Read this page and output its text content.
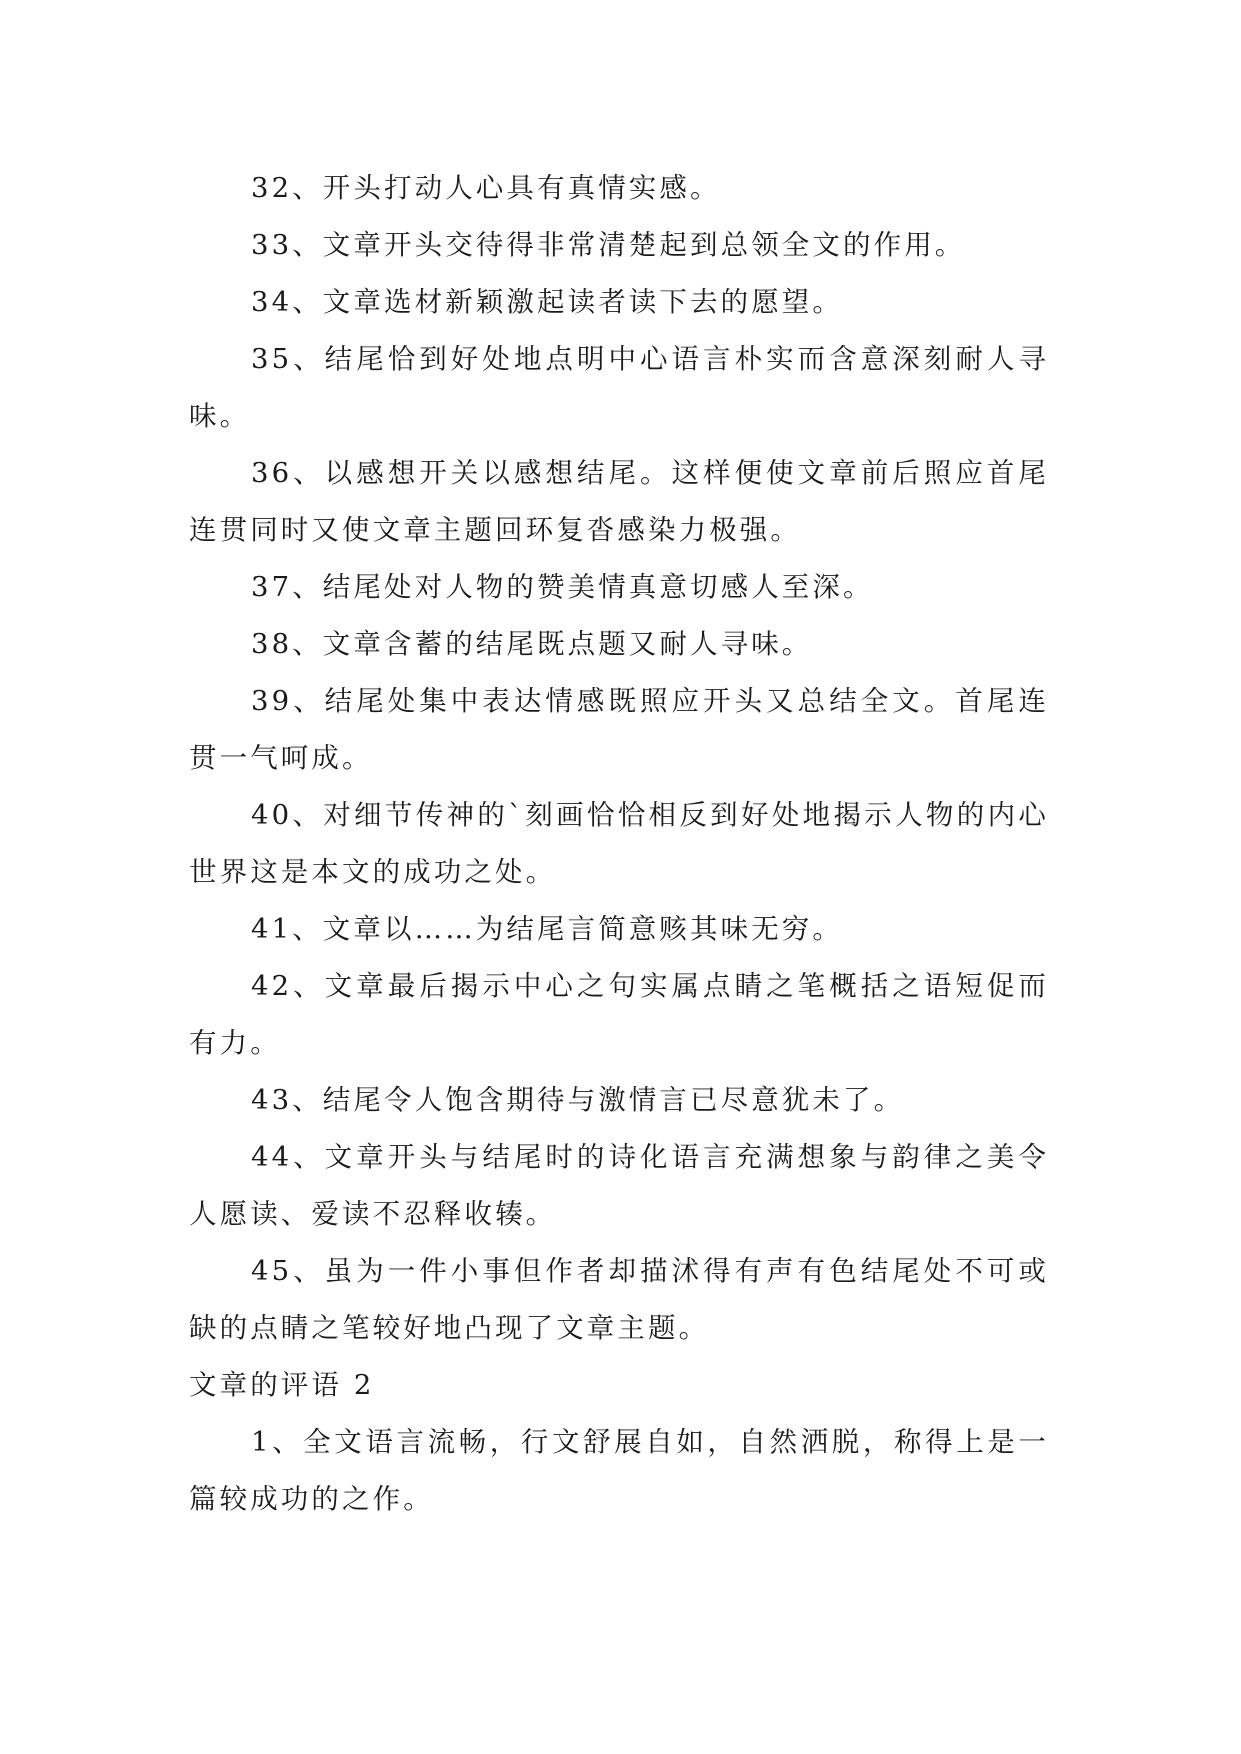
32、开头打动人心具有真情实感。

33、文章开头交待得非常清楚起到总领全文的作用。

34、文章选材新颖激起读者读下去的愿望。

35、结尾恰到好处地点明中心语言朴实而含意深刻耐人寻味。

36、以感想开关以感想结尾。这样便使文章前后照应首尾连贯同时又使文章主题回环复沓感染力极强。

37、结尾处对人物的赞美情真意切感人至深。

38、文章含蓄的结尾既点题又耐人寻味。

39、结尾处集中表达情感既照应开头又总结全文。首尾连贯一气呵成。

40、对细节传神的`刻画恰恰相反到好处地揭示人物的内心世界这是本文的成功之处。

41、文章以……为结尾言简意赅其味无穷。

42、文章最后揭示中心之句实属点睛之笔概括之语短促而有力。

43、结尾令人饱含期待与激情言已尽意犹未了。

44、文章开头与结尾时的诗化语言充满想象与韵律之美令人愿读、爱读不忍释收辏。

45、虽为一件小事但作者却描沭得有声有色结尾处不可或缺的点睛之笔较好地凸现了文章主题。

文章的评语 2

1、全文语言流畅，行文舒展自如，自然洒脱，称得上是一篇较成功的之作。
